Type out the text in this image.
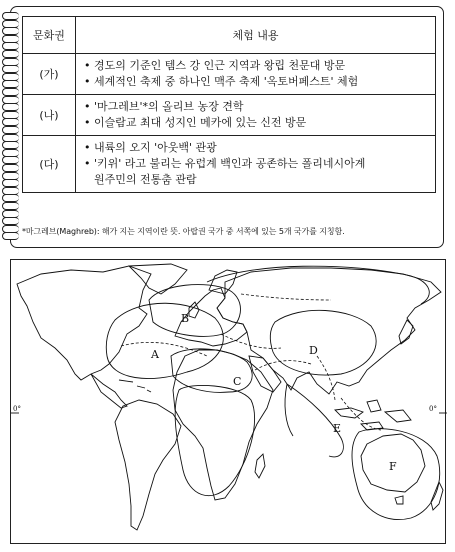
문화권	체험 내용
(가)	• 경도의 기준인 템스 강 인근 지역과 왕립 천문대 방문
• 세계적인 축제 중 하나인 맥주 축제 '옥토버페스트' 체험

(나)	• '마그레브'*의 올리브 농장 견학
• 이슬람교 최대 성지인 메카에 있는 신전 방문

(다)	• 내륙의 오지 '아웃백' 관광
• '키위' 라고 불리는 유럽계 백인과 공존하는 폴리네시아계
원주민의 전통춤 관람
*마그레브(Maghreb): 해가 지는 지역이란 뜻. 아랍권 국가 중 서쪽에 있는 5개 국가를 지칭함.
A
B
C
D
E
F
0°	0°
